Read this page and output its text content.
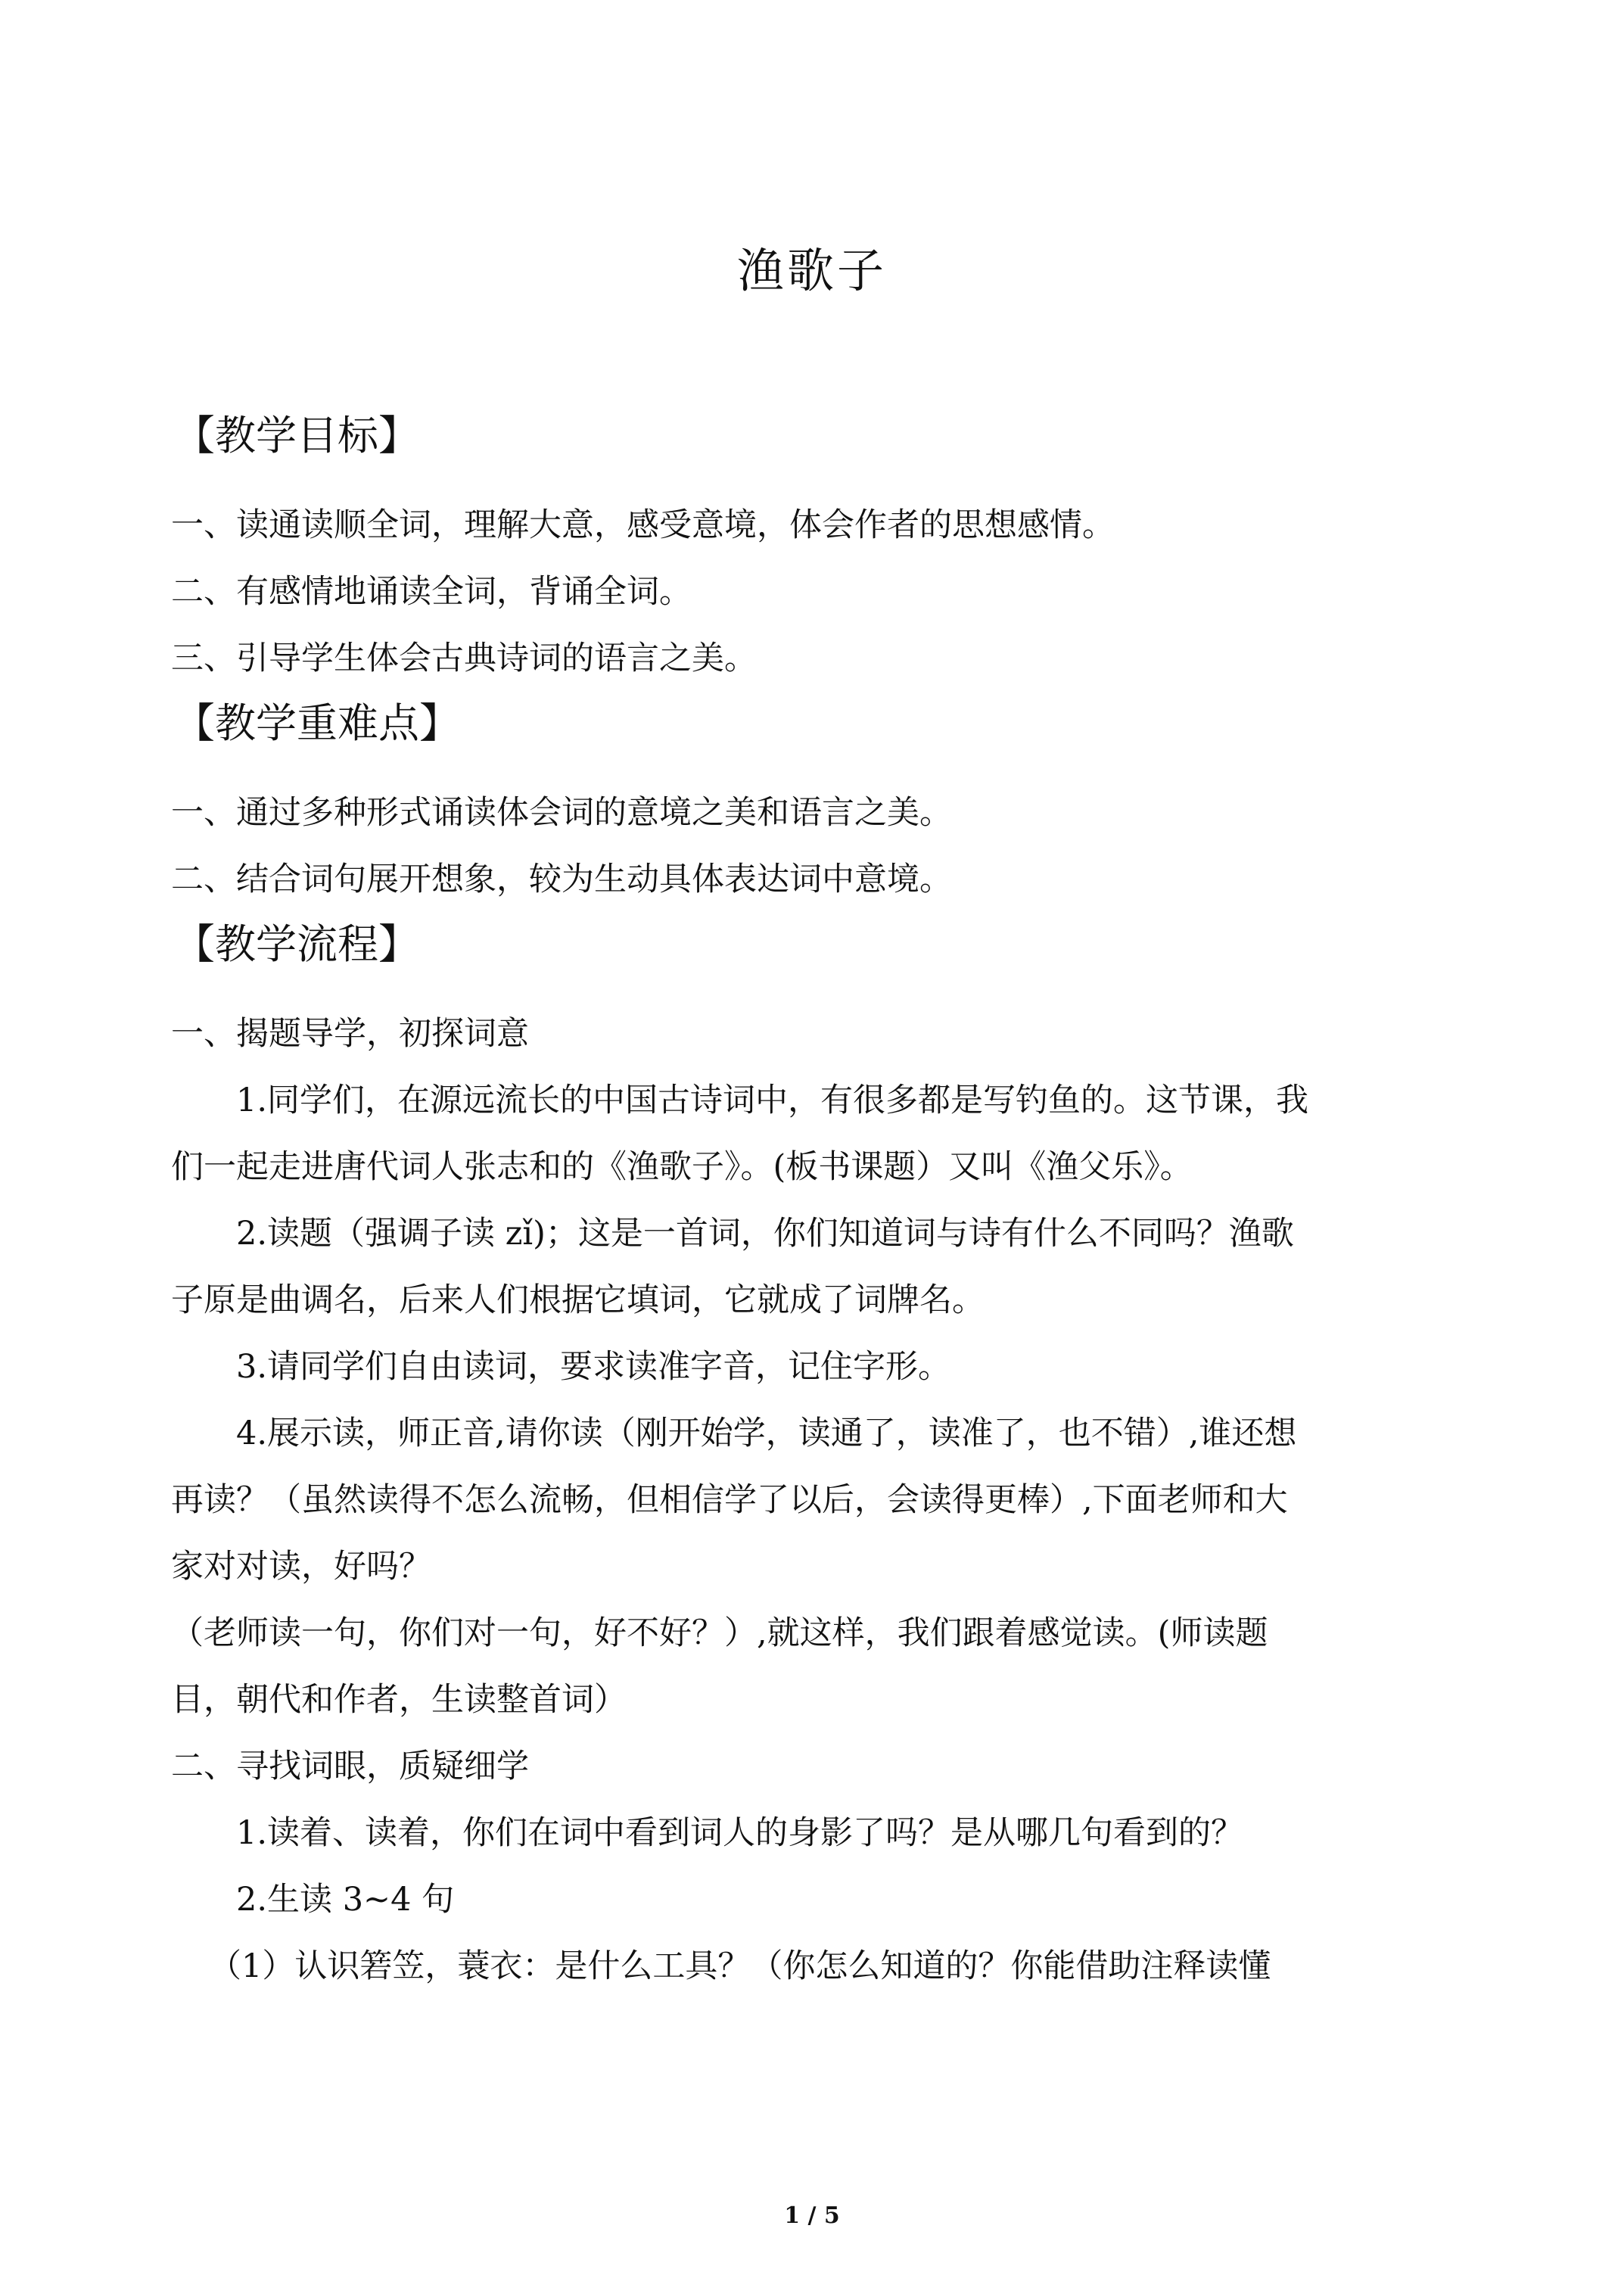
渔歌子
【教学目标】

一、读通读顺全词，理解大意，感受意境，体会作者的思想感情。

二、有感情地诵读全词，背诵全词。

三、引导学生体会古典诗词的语言之美。

【教学重难点】

一、通过多种形式诵读体会词的意境之美和语言之美。

二、结合词句展开想象，较为生动具体表达词中意境。

【教学流程】

一、揭题导学，初探词意

1.同学们，在源远流长的中国古诗词中，有很多都是写钓鱼的。这节课，我

们一起走进唐代词人张志和的《渔歌子》。(板书课题）又叫《渔父乐》。

2.读题（强调子读 zǐ)；这是一首词，你们知道词与诗有什么不同吗？渔歌

子原是曲调名，后来人们根据它填词，它就成了词牌名。

3.请同学们自由读词，要求读准字音，记住字形。

4.展示读，师正音,请你读（刚开始学，读通了，读准了，也不错）,谁还想

再读？（虽然读得不怎么流畅，但相信学了以后，会读得更棒）,下面老师和大

家对对读，好吗？

（老师读一句，你们对一句，好不好？）,就这样，我们跟着感觉读。(师读题

目，朝代和作者，生读整首词）

二、寻找词眼，质疑细学

1.读着、读着，你们在词中看到词人的身影了吗？是从哪几句看到的？

2.生读 3~4 句

（1）认识箬笠，蓑衣：是什么工具？（你怎么知道的？你能借助注释读懂

1 / 5
